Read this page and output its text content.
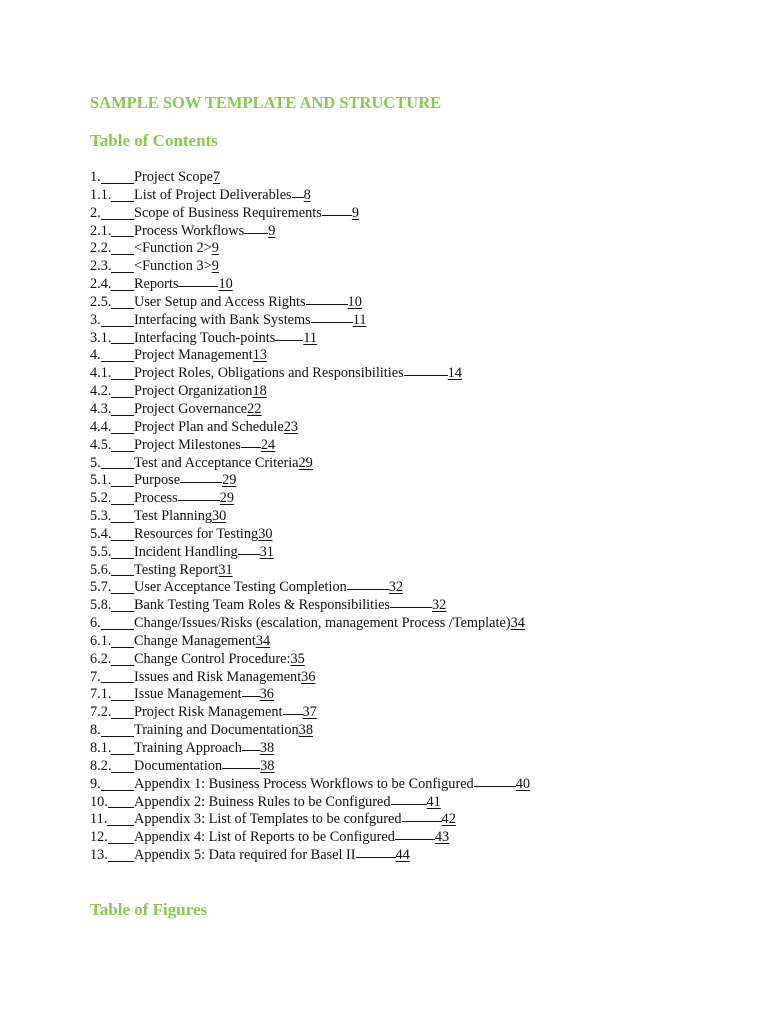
SAMPLE SOW TEMPLATE AND STRUCTURE
Table of Contents
1.	Project Scope 7
1.1.	List of Project Deliverables 8
2.	Scope of Business Requirements 9
2.1.	Process Workflows 9
2.2.	<Function 2> 9
2.3.	<Function 3> 9
2.4.	Reports	10
2.5.	User Setup and Access Rights	10
3.	Interfacing with Bank Systems	11
3.1.	Interfacing Touch-points 11
4.	Project Management 13
4.1.	Project Roles, Obligations and Responsibilities	14
4.2.	Project Organization 18
4.3.	Project Governance 22
4.4.	Project Plan and Schedule 23
4.5.	Project Milestones 24
5.	Test and Acceptance Criteria 29
5.1.	Purpose	29
5.2.	Process	29
5.3.	Test Planning 30
5.4.	Resources for Testing 30
5.5.	Incident Handling 31
5.6.	Testing Report 31
5.7.	User Acceptance Testing Completion	32
5.8.	Bank Testing Team Roles & Responsibilities	32
6.	Change/Issues/Risks (escalation, management Process /Template) 34
6.1.	Change Management 34
6.2.	Change Control Procedure: 35
7.	Issues and Risk Management 36
7.1.	Issue Management 36
7.2.	Project Risk Management 37
8.	Training and Documentation 38
8.1.	Training Approach 38
8.2.	Documentation	38
9.	Appendix 1: Business Process Workflows to be Configured	40
10.	Appendix 2: Buiness Rules to be Configured	41
11.	Appendix 3: List of Templates to be confgured	42
12.	Appendix 4: List of Reports to be Configured	43
13.	Appendix 5: Data required for Basel II	44
Table of Figures
